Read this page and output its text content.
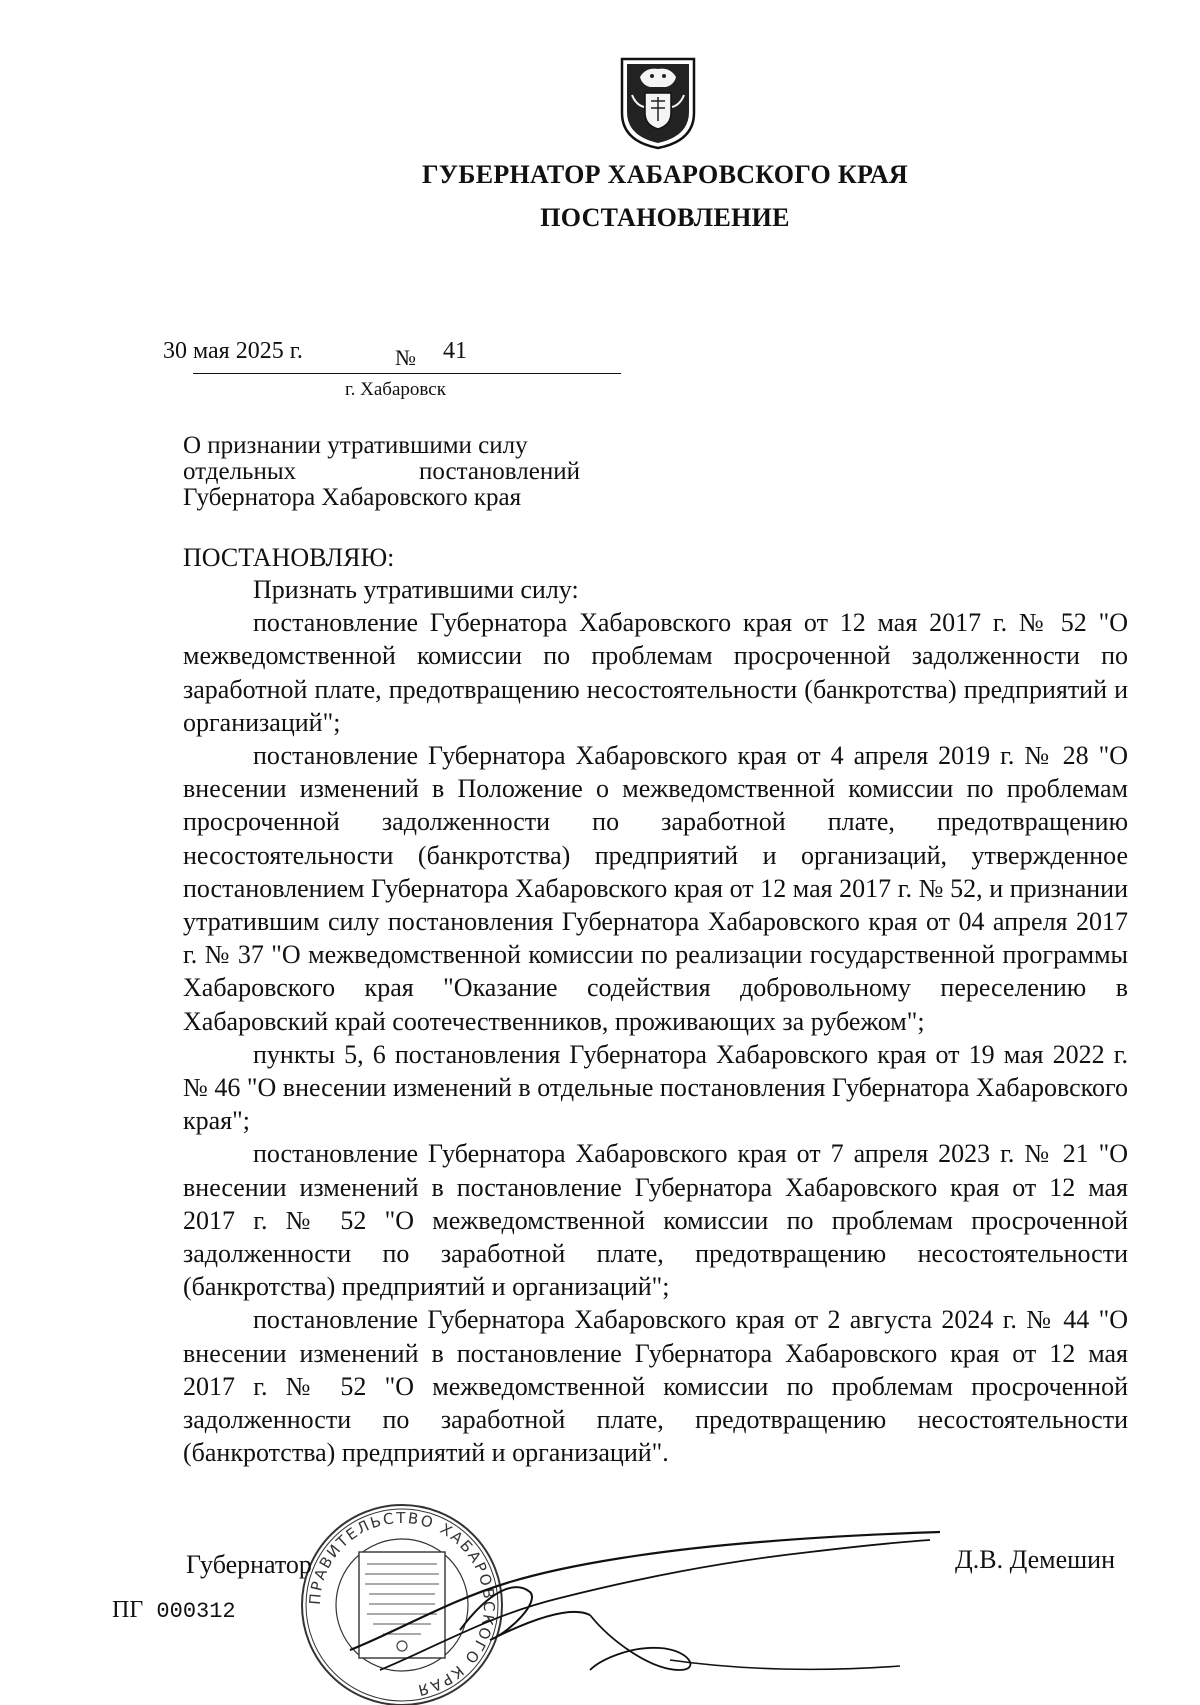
ГУБЕРНАТОР ХАБАРОВСКОГО КРАЯ
ПОСТАНОВЛЕНИЕ
30 мая 2025 г.	№ 41
г. Хабаровск
О признании утратившими силу
отдельных	постановлений
Губернатора Хабаровского края
ПОСТАНОВЛЯЮ:

Признать утратившими силу:

постановление Губернатора Хабаровского края от 12 мая 2017 г. № 52 "О межведомственной комиссии по проблемам просроченной задолженности по заработной плате, предотвращению несостоятельности (банкротства) предприятий и организаций";

постановление Губернатора Хабаровского края от 4 апреля 2019 г. № 28 "О внесении изменений в Положение о межведомственной комиссии по проблемам просроченной задолженности по заработной плате, предотвращению несостоятельности (банкротства) предприятий и организаций, утвержденное постановлением Губернатора Хабаровского края от 12 мая 2017 г. № 52, и признании утратившим силу постановления Губернатора Хабаровского края от 04 апреля 2017 г. № 37 "О межведомственной комиссии по реализации государственной программы Хабаровского края "Оказание содействия добровольному переселению в Хабаровский край соотечественников, проживающих за рубежом";

пункты 5, 6 постановления Губернатора Хабаровского края от 19 мая 2022 г. № 46 "О внесении изменений в отдельные постановления Губернатора Хабаровского края";

постановление Губернатора Хабаровского края от 7 апреля 2023 г. № 21 "О внесении изменений в постановление Губернатора Хабаровского края от 12 мая 2017 г. № 52 "О межведомственной комиссии по проблемам просроченной задолженности по заработной плате, предотвращению несостоятельности (банкротства) предприятий и организаций";

постановление Губернатора Хабаровского края от 2 августа 2024 г. № 44 "О внесении изменений в постановление Губернатора Хабаровского края от 12 мая 2017 г. № 52 "О межведомственной комиссии по проблемам просроченной задолженности по заработной плате, предотвращению несостоятельности (банкротства) предприятий и организаций".

ПРАВИТЕЛЬСТВО ХАБАРОВСКОГО КРАЯ
Губернатор	Д.В. Демешин
ПГ 000312
